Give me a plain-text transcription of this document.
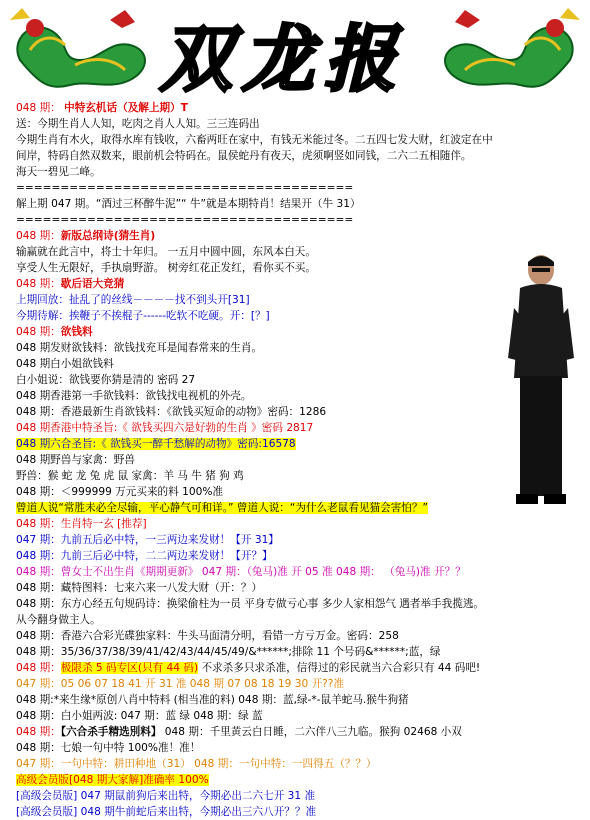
双龙报
048 期： 中特玄机话（及解上期）T
送：今期生肖人人知，吃肉之肖人人知。三三连码出
今期生肖有木火，取得水库有钱收，六畜两旺在家中，有钱无米能过冬。二五四七发大财，红波定在中
间岸，特码自然双数来，眼前机会特码在。鼠侯蛇丹有夜天，虎须啊竖如同钱，二六二五相随伴。
海天一碧见二峰。
======================================
解上期 047 期。“酒过三杯醉牛泥”“ 牛”就是本期特肖！结果开（牛 31）
======================================
048 期：新版总纲诗(猜生肖)
输赢就在此言中，将士十年归。 一五月中圆中圆，东风本白天。
享受人生无限好，手执扇野游。 树旁红花正发红，看你买不买。
048 期：歇后语大竞猜
上期回放：扯乱了的丝线－－－－找不到头开[31]
今期待解：挨鞭子不挨棍子------吃软不吃硬。开：[？]
048 期：欲钱料
048 期发财欲钱料：欲钱找充耳是闻春常来的生肖。
048 期白小姐欲钱料
白小姐说：欲钱要你猜是清的 密码 27
048 期香港第一手欲钱料：欲钱找电视机的外壳。
048 期：香港最新生肖欲钱料：《欲钱买短命的动物》密码：1286
048 期香港中特圣旨:《 欲钱买四六是好勃的生肖 》密码 2817
048 期六合圣旨:《 欲钱买一醉千愁解的动物》密码:16578
048 期野兽与家禽：野兽
野兽：猴 蛇 龙 兔 虎 鼠 家禽：羊 马 牛 猪 狗 鸡
048 期：＜999999 万元买来的料 100%准
曾道人说“常胜未必全尽输，平心静气可和详。” 曾道人说：“为什么老鼠看见猫会害怕？”
048 期：生肖特一玄 [推荐]
047 期：九前五后必中特，一三两边来发财！【开 31】
048 期：九前三后必中特，二二两边来发财！【开？】
048 期：曾女士不出生肖《期期更新》 047 期：（兔马)准 开 05 准 048 期： （兔马)准 开？？
048 期：藏特图料：七来六来一八发大财（开：？）
048 期：东方心经五句规码诗：换梁偷柱为一员 平身专做亏心事 多少人家相怨气 遇者举手我揽逃。
从今翻身做主人。
048 期：香港六合彩光碟独家料：牛头马面清分明，看错一方亏万金。密码：258
048 期：35/36/37/38/39/41/42/43/44/45/49/&******;排除 11 个号码&******;蓝，绿
048 期：极限杀 5 码专区(只有 44 码) 不求杀多只求杀准，信得过的彩民就当六合彩只有 44 码吧!
047 期：05 06 07 18 41 开 31 准 048 期 07 08 18 19 30 开??准
048 期:*来生缘*原创八肖中特料 (相当准的料) 048 期：蓝,绿-*-鼠羊蛇马.猴牛狗猪
048 期：白小姐两波: 047 期：蓝 绿 048 期：绿 蓝
048 期：【六合杀手精选別料】 048 期：千里黄云白日睡，二六伴八三九临。猴狗 02468 小双
048 期：七娘一句中特 100%准！准！
047 期：一句中特：耕田种地（31） 048 期：一句中特：一四得五（？？）
高级会员版[048 期大家解]准确率 100%
[高级会员版] 047 期鼠前狗后来出特，今期必出二六七开 31 准
[高级会员版] 048 期牛前蛇后来出特，今期必出三六八开？？准
